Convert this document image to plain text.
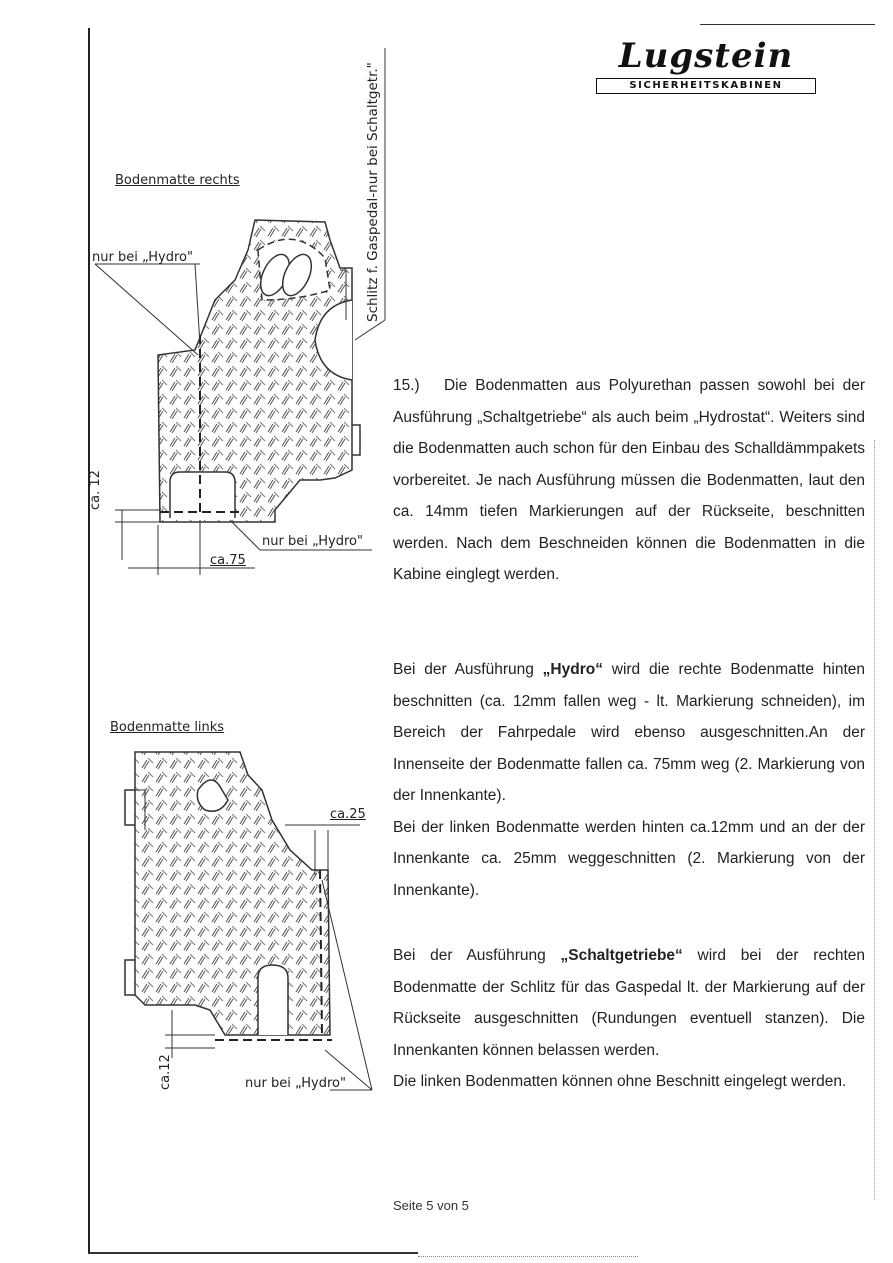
Lugstein
SICHERHEITSKABINEN
Bodenmatte rechts
Bodenmatte links
nur bei „Hydro"
nur bei „Hydro"
nur bei „Hydro"
ca.75
ca.25
ca. 12
ca.12
Schlitz f. Gaspedal-nur bei Schaltgetr."

15.) Die Bodenmatten aus Polyurethan passen sowohl bei der Ausführung „Schaltgetriebe“ als auch beim „Hydrostat“. Weiters sind die Bodenmatten auch schon für den Einbau des Schalldämmpakets vorbereitet. Je nach Ausführung müssen die Bodenmatten, laut den ca. 14mm tiefen Markierungen auf der Rückseite, beschnitten werden. Nach dem Beschneiden können die Bodenmatten in die Kabine einglegt werden.

Bei der Ausführung „Hydro“ wird die rechte Bodenmatte hinten beschnitten (ca. 12mm fallen weg - lt. Markierung schneiden), im Bereich der Fahrpedale wird ebenso ausgeschnitten.An der Innenseite der Bodenmatte fallen ca. 75mm weg (2. Markierung von der Innenkante).

Bei der linken Bodenmatte werden hinten ca.12mm und an der der Innenkante ca. 25mm weggeschnitten (2. Markierung von der Innenkante).

Bei der Ausführung „Schaltgetriebe“ wird bei der rechten Bodenmatte der Schlitz für das Gaspedal lt. der Markierung auf der Rückseite ausgeschnitten (Rundungen eventuell stanzen). Die Innenkanten können belassen werden.

Die linken Bodenmatten können ohne Beschnitt eingelegt werden.

Seite 5 von 5
